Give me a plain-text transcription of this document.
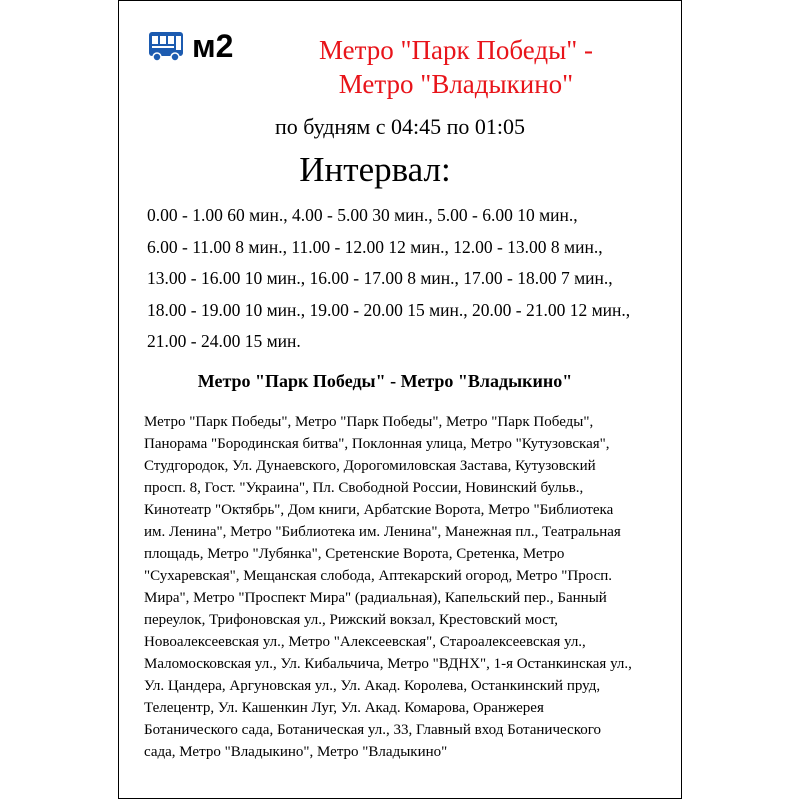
м2	Метро "Парк Победы" -
Метро "Владыкино"
по будням с 04:45 по 01:05
Интервал:
0.00 - 1.00 60 мин., 4.00 - 5.00 30 мин., 5.00 - 6.00 10 мин.,
6.00 - 11.00 8 мин., 11.00 - 12.00 12 мин., 12.00 - 13.00 8 мин.,
13.00 - 16.00 10 мин., 16.00 - 17.00 8 мин., 17.00 - 18.00 7 мин.,
18.00 - 19.00 10 мин., 19.00 - 20.00 15 мин., 20.00 - 21.00 12 мин.,
21.00 - 24.00 15 мин.
Метро "Парк Победы" - Метро "Владыкино"
Метро "Парк Победы", Метро "Парк Победы", Метро "Парк Победы",
Панорама "Бородинская битва", Поклонная улица, Метро "Кутузовская",
Студгородок, Ул. Дунаевского, Дорогомиловская Застава, Кутузовский
просп. 8, Гост. "Украина", Пл. Свободной России, Новинский бульв.,
Кинотеатр "Октябрь", Дом книги, Арбатские Ворота, Метро "Библиотека
им. Ленина", Метро "Библиотека им. Ленина", Манежная пл., Театральная
площадь, Метро "Лубянка", Сретенские Ворота, Сретенка, Метро
"Сухаревская", Мещанская слобода, Аптекарский огород, Метро "Просп.
Мира", Метро "Проспект Мира" (радиальная), Капельский пер., Банный
переулок, Трифоновская ул., Рижский вокзал, Крестовский мост,
Новоалексеевская ул., Метро "Алексеевская", Староалексеевская ул.,
Маломосковская ул., Ул. Кибальчича, Метро "ВДНХ", 1-я Останкинская ул.,
Ул. Цандера, Аргуновская ул., Ул. Акад. Королева, Останкинский пруд,
Телецентр, Ул. Кашенкин Луг, Ул. Акад. Комарова, Оранжерея
Ботанического сада, Ботаническая ул., 33, Главный вход Ботанического
сада, Метро "Владыкино", Метро "Владыкино"
